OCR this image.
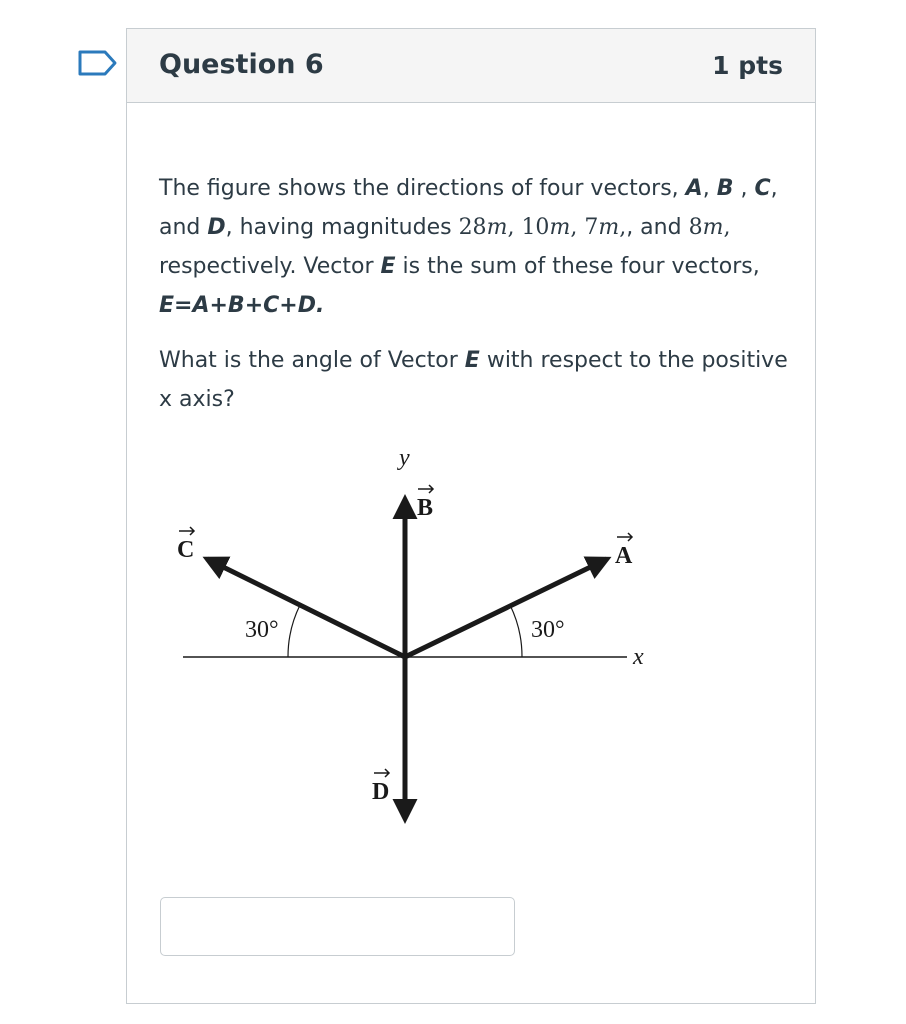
Question 6	1 pts

The figure shows the directions of four vectors, A, B , C, and D, having magnitudes 28m, 10m, 7m,, and 8m, respectively. Vector E is the sum of these four vectors, E=A+B+C+D.

What is the angle of Vector E with respect to the positive x axis?

y
x
B
A
C
D
30°	30°
